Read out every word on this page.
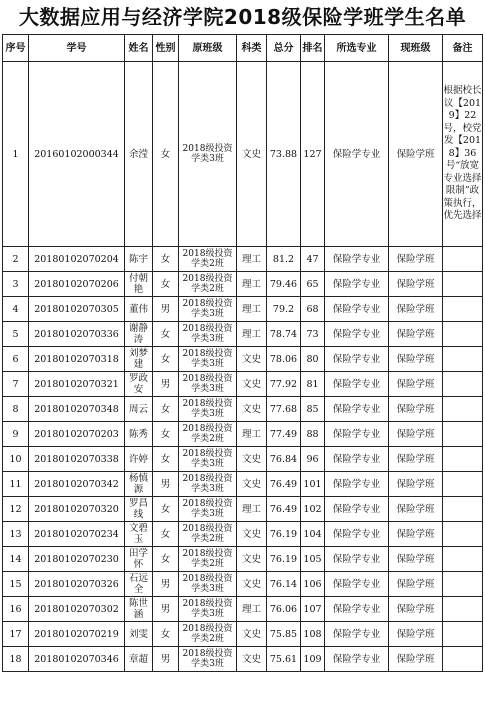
大数据应用与经济学院2018级保险学班学生名单
序号	学号	姓名	性别	原班级	科类	总分	排名	所选专业	现班级	备注
1	20160102000344	余滢	女	2018级投资学类3班	文史	73.88	127	保险学专业	保险学班	根据校长议【2019】22号，校党发【2018】36号“放宽专业选择限制”政策执行，优先选择
2	20180102070204	陈宇	女	2018级投资学类2班	理工	81.2	47	保险学专业	保险学班	
3	20180102070206	付朝艳	女	2018级投资学类2班	理工	79.46	65	保险学专业	保险学班	
4	20180102070305	董伟	男	2018级投资学类3班	理工	79.2	68	保险学专业	保险学班	
5	20180102070336	谢静涛	女	2018级投资学类3班	理工	78.74	73	保险学专业	保险学班	
6	20180102070318	刘梦建	女	2018级投资学类3班	文史	78.06	80	保险学专业	保险学班	
7	20180102070321	罗政安	男	2018级投资学类3班	文史	77.92	81	保险学专业	保险学班	
8	20180102070348	周云	女	2018级投资学类3班	文史	77.68	85	保险学专业	保险学班	
9	20180102070203	陈秀	女	2018级投资学类2班	理工	77.49	88	保险学专业	保险学班	
10	20180102070338	许婷	女	2018级投资学类3班	文史	76.84	96	保险学专业	保险学班	
11	20180102070342	杨慎源	男	2018级投资学类3班	文史	76.49	101	保险学专业	保险学班	
12	20180102070320	罗昌线	女	2018级投资学类3班	理工	76.49	102	保险学专业	保险学班	
13	20180102070234	文碧玉	女	2018级投资学类2班	文史	76.19	104	保险学专业	保险学班	
14	20180102070230	田学怀	女	2018级投资学类2班	文史	76.19	105	保险学专业	保险学班	
15	20180102070326	石远全	男	2018级投资学类3班	文史	76.14	106	保险学专业	保险学班	
16	20180102070302	陈世涵	男	2018级投资学类3班	理工	76.06	107	保险学专业	保险学班	
17	20180102070219	刘雯	女	2018级投资学类2班	文史	75.85	108	保险学专业	保险学班	
18	20180102070346	章超	男	2018级投资学类3班	文史	75.61	109	保险学专业	保险学班	
